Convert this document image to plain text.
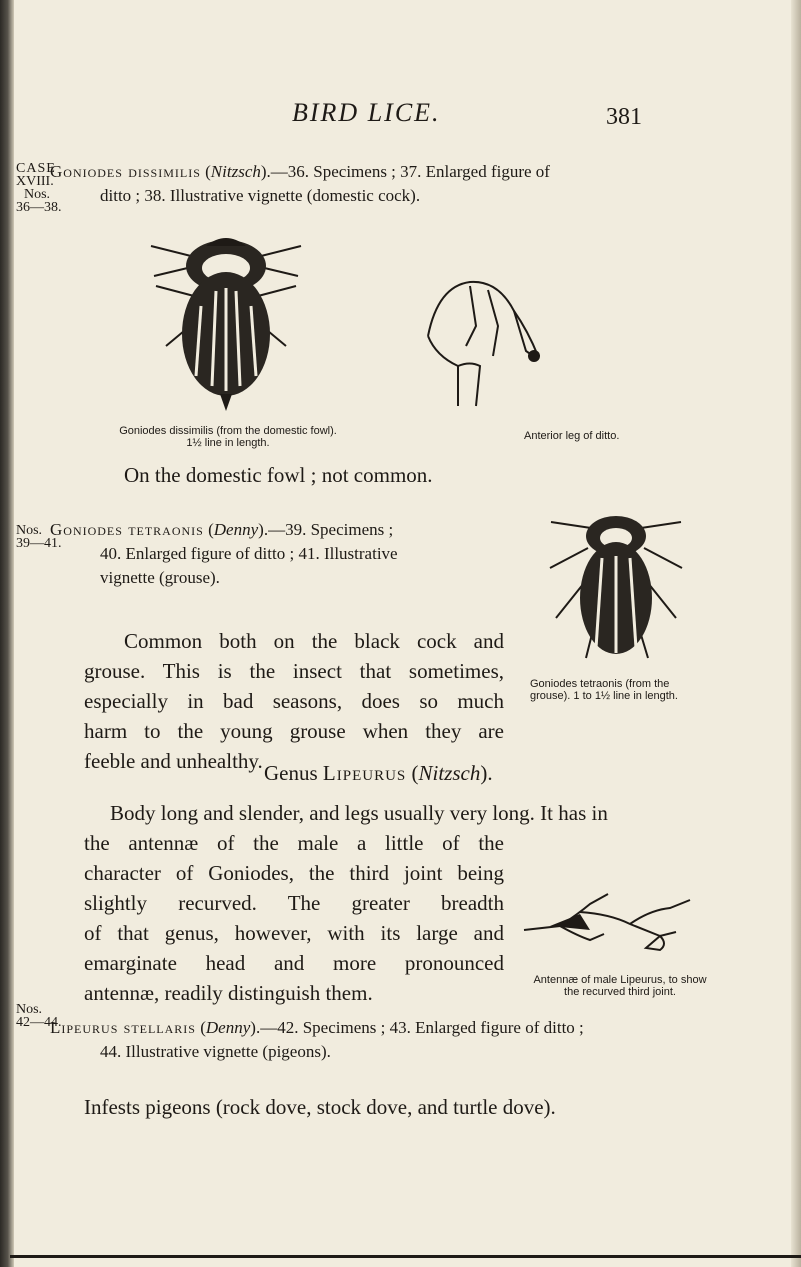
BIRD LICE.	381
CASE
XVIII.
Nos.
36—38.
Nos.
39—41.
Nos.
42—44.
Goniodes dissimilis (Nitzsch).—36. Specimens ; 37. Enlarged figure of
ditto ; 38. Illustrative vignette (domestic cock).
Goniodes dissimilis (from the domestic fowl).
1½ line in length.
Anterior leg of ditto.
On the domestic fowl ; not common.
Goniodes tetraonis (Denny).—39. Specimens ;
40. Enlarged figure of ditto ; 41. Illustrative
vignette (grouse).
Common both on the black cock and
grouse. This is the insect that sometimes,
especially in bad seasons, does so much
harm to the young grouse when they are
feeble and unhealthy.
Goniodes tetraonis (from the
grouse). 1 to 1½ line in length.
Genus Lipeurus (Nitzsch).
Body long and slender, and legs usually very long. It has in
the antennæ of the male a little of the
character of Goniodes, the third joint being
slightly recurved. The greater breadth
of that genus, however, with its large and
emarginate head and more pronounced
antennæ, readily distinguish them.
Antennæ of male Lipeurus, to show
the recurved third joint.
Lipeurus stellaris (Denny).—42. Specimens ; 43. Enlarged figure of ditto ;
44. Illustrative vignette (pigeons).
Infests pigeons (rock dove, stock dove, and turtle dove).
